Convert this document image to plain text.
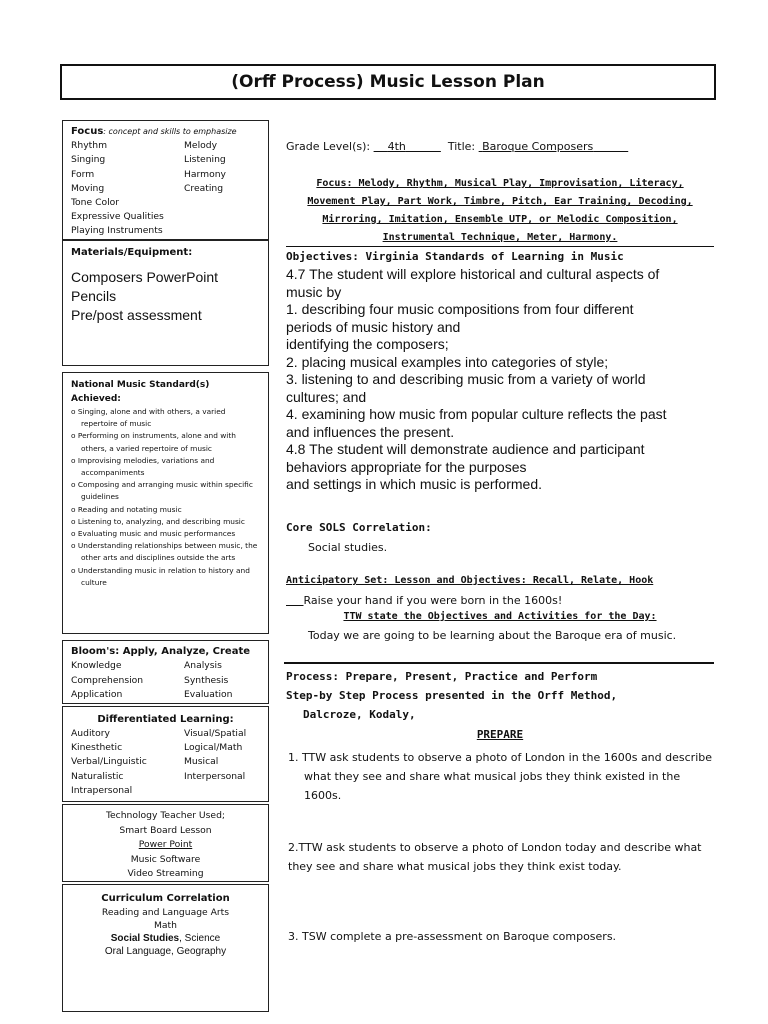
(Orff Process) Music Lesson Plan
Focus: concept and skills to emphasize
Rhythm	Melody
Singing	Listening
Form	Harmony
Moving	Creating
Tone Color
Expressive Qualities
Playing Instruments
Materials/Equipment:
Composers PowerPoint
Pencils
Pre/post assessment
National Music Standard(s)
Achieved:
o Singing, alone and with others, a varied repertoire of music
o Performing on instruments, alone and with others, a varied repertoire of music
o Improvising melodies, variations and accompaniments
o Composing and arranging music within specific guidelines
o Reading and notating music
o Listening to, analyzing, and describing music
o Evaluating music and music performances
o Understanding relationships between music, the other arts and disciplines outside the arts
o Understanding music in relation to history and culture
Bloom's: Apply, Analyze, Create
Knowledge	Analysis
Comprehension	Synthesis
Application	Evaluation
Differentiated Learning:
Auditory	Visual/Spatial
Kinesthetic	Logical/Math
Verbal/Linguistic	Musical
Naturalistic	Interpersonal
Intrapersonal
Technology Teacher Used;
Smart Board Lesson
Power Point
Music Software
Video Streaming
Curriculum Correlation
Reading and Language Arts
Math
Social Studies, Science
Oral Language, Geography
Grade Level(s): 4th	Title: Baroque Composers
Focus: Melody, Rhythm, Musical Play, Improvisation, Literacy,
Movement Play, Part Work, Timbre, Pitch, Ear Training, Decoding,
Mirroring, Imitation, Ensemble UTP, or Melodic Composition,
Instrumental Technique, Meter, Harmony.
Objectives: Virginia Standards of Learning in Music
4.7 The student will explore historical and cultural aspects of
music by
1. describing four music compositions from four different
periods of music history and
identifying the composers;
2. placing musical examples into categories of style;
3. listening to and describing music from a variety of world
cultures; and
4. examining how music from popular culture reflects the past
and influences the present.
4.8 The student will demonstrate audience and participant
behaviors appropriate for the purposes
and settings in which music is performed.
Core SOLS Correlation:
Social studies.
Anticipatory Set: Lesson and Objectives: Recall, Relate, Hook
Raise your hand if you were born in the 1600s!
TTW state the Objectives and Activities for the Day:
Today we are going to be learning about the Baroque era of music.
Process: Prepare, Present, Practice and Perform
Step-by Step Process presented in the Orff Method,
Dalcroze, Kodaly,
PREPARE
1. TTW ask students to observe a photo of London in the 1600s and describe what they see and share what musical jobs they think existed in the 1600s.
2.TTW ask students to observe a photo of London today and describe what they see and share what musical jobs they think exist today.
3. TSW complete a pre-assessment on Baroque composers.
